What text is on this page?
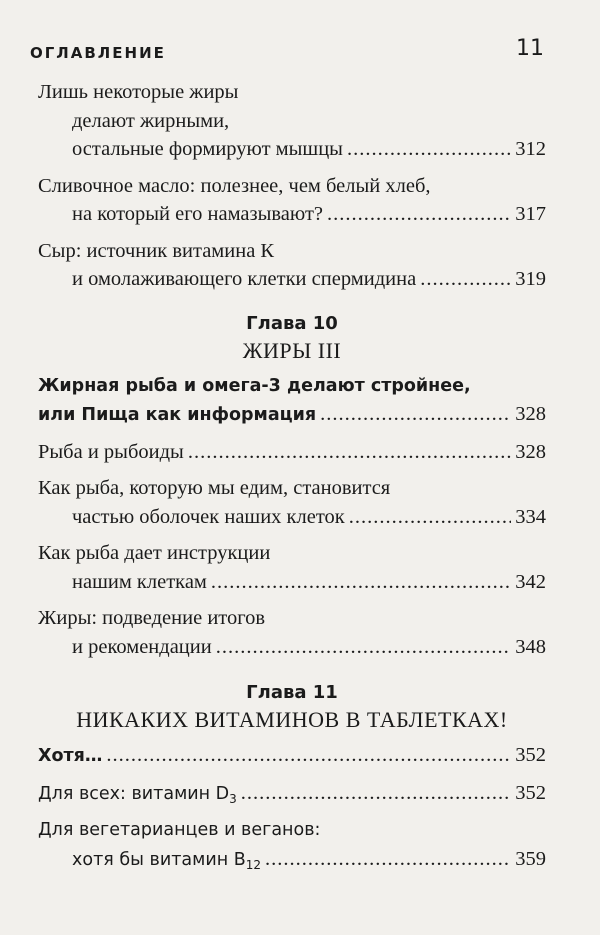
ОГЛАВЛЕНИЕ	11
Лишь некоторые жиры
делают жирными,
остальные формируют мышцы .....	312
Сливочное масло: полезнее, чем белый хлеб,
на который его намазывают? .....	317
Сыр: источник витамина К
и омолаживающего клетки спермидина .....	319
Глава 10
ЖИРЫ III
Жирная рыба и омега-3 делают стройнее,
или Пища как информация .....	328
Рыба и рыбоиды .....	328
Как рыба, которую мы едим, становится
частью оболочек наших клеток .....	334
Как рыба дает инструкции
нашим клеткам .....	342
Жиры: подведение итогов
и рекомендации .....	348
Глава 11
НИКАКИХ ВИТАМИНОВ В ТАБЛЕТКАХ!
Хотя… .....	352
Для всех: витамин $D_3$ .....	352
Для вегетарианцев и веганов:
хотя бы витамин $B_{12}$ .....	359
